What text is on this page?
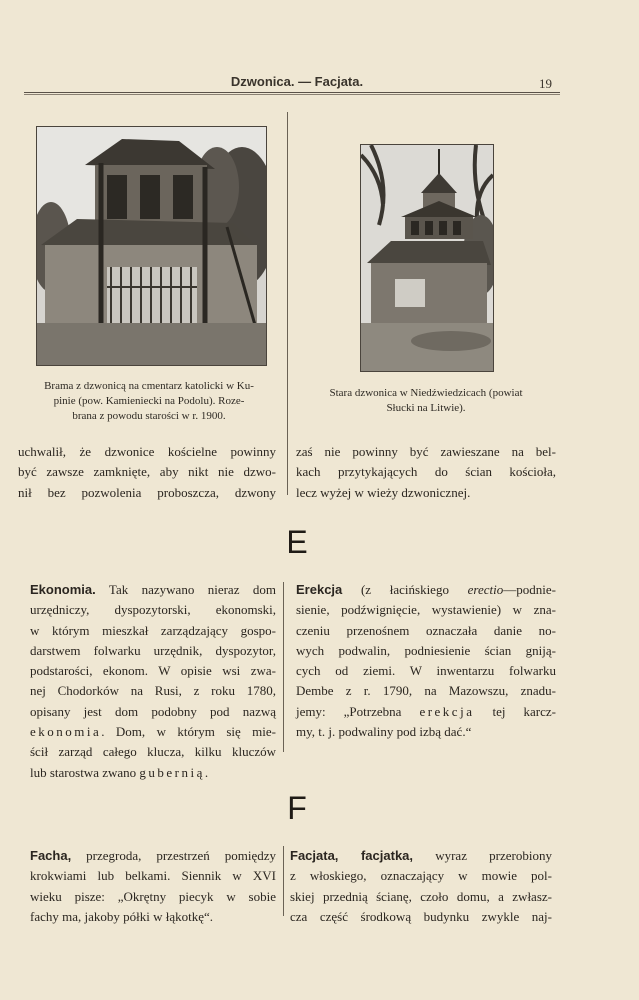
Dzwonica. — Facjata.	19
Brama z dzwonicą na cmentarz katolicki w Ku-
pinie (pow. Kamieniecki na Podolu). Roze-
brana z powodu starości w r. 1900.
Stara dzwonica w Niedźwiedzicach (powiat
Słucki na Litwie).
uchwalił, że dzwonice kościelne powinny
być zawsze zamknięte, aby nikt nie dzwo-
nił bez pozwolenia proboszcza, dzwony
zaś nie powinny być zawieszane na bel-
kach przytykających do ścian kościoła,
lecz wyżej w wieży dzwonicznej.
E
Ekonomia. Tak nazywano nieraz dom
urzędniczy, dyspozytorski, ekonomski,
w którym mieszkał zarządzający gospo-
darstwem folwarku urzędnik, dyspozytor,
podstarości, ekonom. W opisie wsi zwa-
nej Chodorków na Rusi, z roku 1780,
opisany jest dom podobny pod nazwą
ekonomia. Dom, w którym się mie-
ścił zarząd całego klucza, kilku kluczów
lub starostwa zwano gubernią.
Erekcja (z łacińskiego erectio—podnie-
sienie, podźwignięcie, wystawienie) w zna-
czeniu przenośnem oznaczała danie no-
wych podwalin, podniesienie ścian gniją-
cych od ziemi. W inwentarzu folwarku
Dembe z r. 1790, na Mazowszu, znadu-
jemy: „Potrzebna erekcja tej karcz-
my, t. j. podwaliny pod izbą dać.“
F
Facha, przegroda, przestrzeń pomiędzy
krokwiami lub belkami. Siennik w XVI
wieku pisze: „Okrętny piecyk w sobie
fachy ma, jakoby półki w łąkotkę“.
Facjata, facjatka, wyraz przerobiony
z włoskiego, oznaczający w mowie pol-
skiej przednią ścianę, czoło domu, a zwłasz-
cza część środkową budynku zwykle naj-
